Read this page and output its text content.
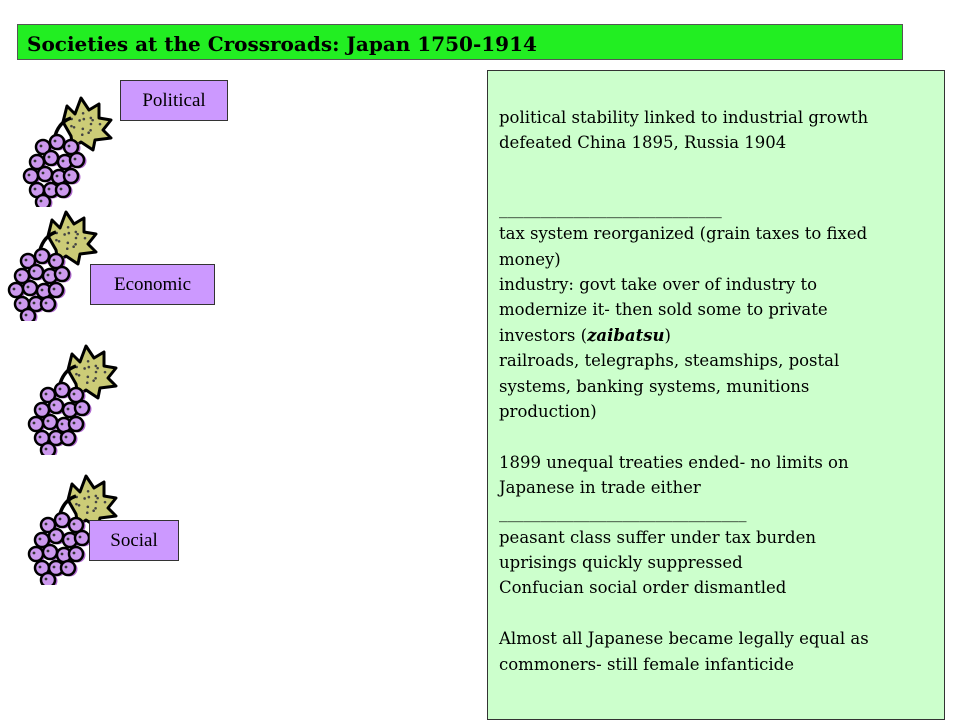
Societies at the Crossroads: Japan 1750-1914
Political
Economic
Social
political stability linked to industrial growth
defeated China 1895, Russia 1904
___________________________
tax system reorganized (grain taxes to fixed
money)
industry: govt take over of industry to
modernize it- then sold some to private
investors (zaibatsu)
railroads, telegraphs, steamships, postal
systems, banking systems, munitions
production)
1899 unequal treaties ended- no limits on
Japanese in trade either
______________________________
peasant class suffer under tax burden
uprisings quickly suppressed
Confucian social order dismantled
Almost all Japanese became legally equal as
commoners- still female infanticide
